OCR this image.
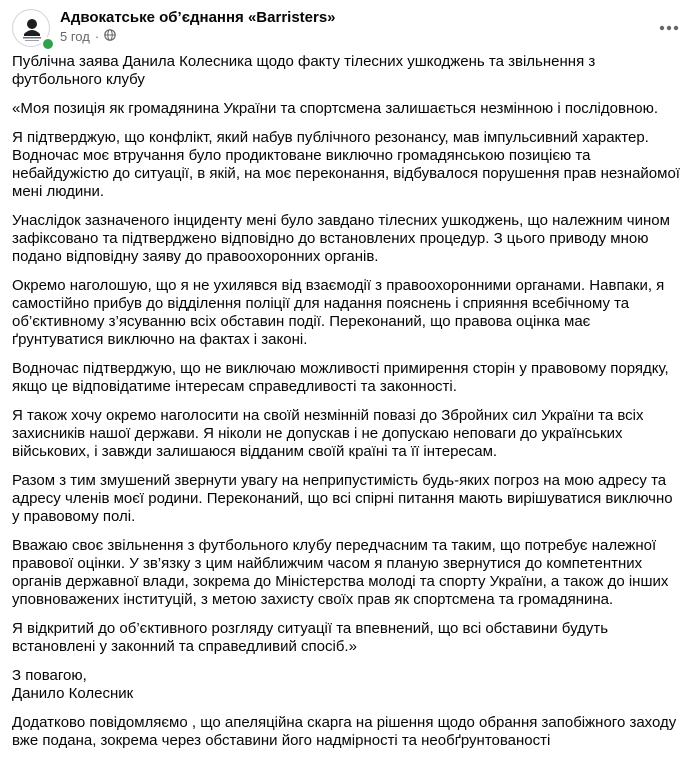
Адвокатське об’єднання «Barristers»
5 год ·

Публічна заява Данила Колесника щодо факту тілесних ушкоджень та звільнення з футбольного клубу

«Моя позиція як громадянина України та спортсмена залишається незмінною і послідовною.

Я підтверджую, що конфлікт, який набув публічного резонансу, мав імпульсивний характер. Водночас моє втручання було продиктоване виключно громадянською позицією та небайдужістю до ситуації, в якій, на моє переконання, відбувалося порушення прав незнайомої мені людини.

Унаслідок зазначеного інциденту мені було завдано тілесних ушкоджень, що належним чином зафіксовано та підтверджено відповідно до встановлених процедур. З цього приводу мною подано відповідну заяву до правоохоронних органів.

Окремо наголошую, що я не ухилявся від взаємодії з правоохоронними органами. Навпаки, я самостійно прибув до відділення поліції для надання пояснень і сприяння всебічному та об’єктивному з’ясуванню всіх обставин події. Переконаний, що правова оцінка має ґрунтуватися виключно на фактах і законі.

Водночас підтверджую, що не виключаю можливості примирення сторін у правовому порядку, якщо це відповідатиме інтересам справедливості та законності.

Я також хочу окремо наголосити на своїй незмінній повазі до Збройних сил України та всіх захисників нашої держави. Я ніколи не допускав і не допускаю неповаги до українських військових, і завжди залишаюся відданим своїй країні та її інтересам.

Разом з тим змушений звернути увагу на неприпустимість будь-яких погроз на мою адресу та адресу членів моєї родини. Переконаний, що всі спірні питання мають вирішуватися виключно у правовому полі.

Вважаю своє звільнення з футбольного клубу передчасним та таким, що потребує належної правової оцінки. У зв’язку з цим найближчим часом я планую звернутися до компетентних органів державної влади, зокрема до Міністерства молоді та спорту України, а також до інших уповноважених інституцій, з метою захисту своїх прав як спортсмена та громадянина.

Я відкритий до об’єктивного розгляду ситуації та впевнений, що всі обставини будуть встановлені у законний та справедливий спосіб.»

З повагою,
Данило Колесник

Додатково повідомляємо , що апеляційна скарга на рішення щодо обрання запобіжного заходу вже подана, зокрема через обставини його надмірності та необґрунтованості
